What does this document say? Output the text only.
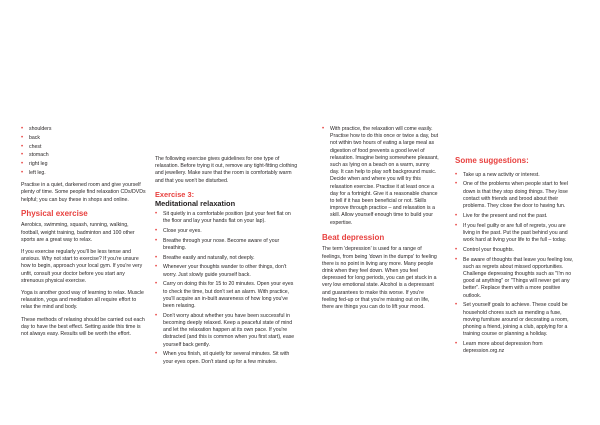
• shoulders
• back
• chest
• stomach
• right leg
• left leg.

Practise in a quiet, darkened room and give yourself plenty of time. Some people find relaxation CDs/DVDs helpful; you can buy these in shops and online.

Physical exercise

Aerobics, swimming, squash, running, walking, football, weight training, badminton and 100 other sports are a great way to relax.

If you exercise regularly you'll be less tense and anxious. Why not start to exercise? If you're unsure how to begin, approach your local gym. If you're very unfit, consult your doctor before you start any strenuous physical exercise.

Yoga is another good way of learning to relax. Muscle relaxation, yoga and meditation all require effort to relax the mind and body.

These methods of relaxing should be carried out each day to have the best effect. Setting aside this time is not always easy. Results will be worth the effort.

The following exercise gives guidelines for one type of relaxation. Before trying it out, remove any tight-fitting clothing and jewellery. Make sure that the room is comfortably warm and that you won't be disturbed.

Exercise 3:
Meditational relaxation
• Sit quietly in a comfortable position (put your feet flat on the floor and lay your hands flat on your lap).
• Close your eyes.
• Breathe through your nose. Become aware of your breathing.
• Breathe easily and naturally, not deeply.
• Whenever your thoughts wander to other things, don't worry. Just slowly guide yourself back.
• Carry on doing this for 15 to 20 minutes. Open your eyes to check the time, but don't set an alarm. With practice, you'll acquire an in-built awareness of how long you've been relaxing.
• Don't worry about whether you have been successful in becoming deeply relaxed. Keep a peaceful state of mind and let the relaxation happen at its own pace. If you're distracted (and this is common when you first start), ease yourself back gently.
• When you finish, sit quietly for several minutes. Sit with your eyes open. Don't stand up for a few minutes.
• With practice, the relaxation will come easily. Practise how to do this once or twice a day, but not within two hours of eating a large meal as digestion of food prevents a good level of relaxation. Imagine being somewhere pleasant, such as lying on a beach on a warm, sunny day. It can help to play soft background music. Decide when and where you will try this relaxation exercise. Practise it at least once a day for a fortnight. Give it a reasonable chance to tell if it has been beneficial or not. Skills improve through practice – and relaxation is a skill. Allow yourself enough time to build your expertise.
Beat depression

The term 'depression' is used for a range of feelings, from being 'down in the dumps' to feeling there is no point in living any more. Many people drink when they feel down. When you feel depressed for long periods, you can get stuck in a very low emotional state. Alcohol is a depressant and guarantees to make this worse. If you're feeling fed-up or that you're missing out on life, there are things you can do to lift your mood.

Some suggestions:
• Take up a new activity or interest.
• One of the problems when people start to feel down is that they stop doing things. They lose contact with friends and brood about their problems. They close the door to having fun.
• Live for the present and not the past.
• If you feel guilty or are full of regrets, you are living in the past. Put the past behind you and work hard at living your life to the full – today.
• Control your thoughts.
• Be aware of thoughts that leave you feeling low, such as regrets about missed opportunities. Challenge depressing thoughts such as "I'm no good at anything" or "Things will never get any better". Replace them with a more positive outlook.
• Set yourself goals to achieve. These could be household chores such as mending a fuse, moving furniture around or decorating a room, phoning a friend, joining a club, applying for a training course or planning a holiday.
• Learn more about depression from depression.org.nz
